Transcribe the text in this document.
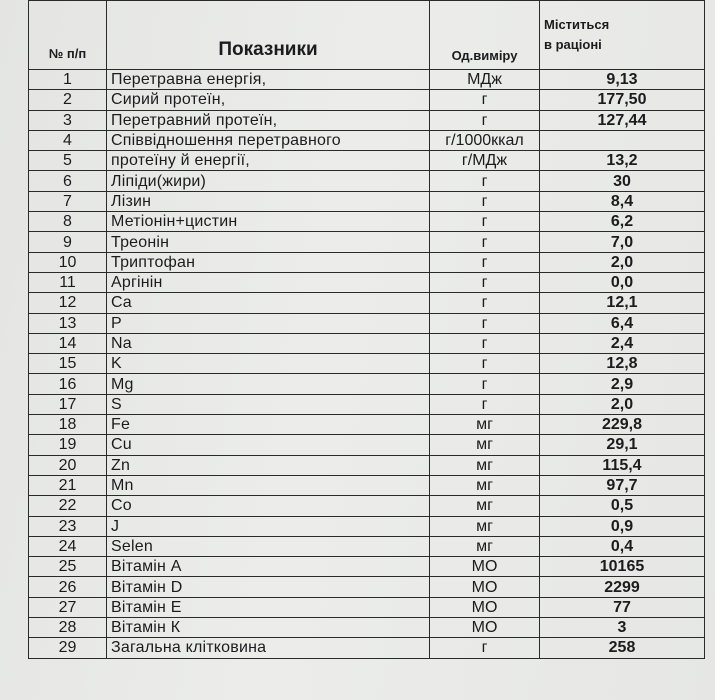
№ п/п	Показники	Од.виміру	Міститься
в раціоні

1	Перетравна енергія,	МДж	9,13
2	Сирий протеїн,	г	177,50
3	Перетравний протеїн,	г	127,44
4	Співвідношення перетравного	г/1000ккал	
5	протеїну й енергії,	г/МДж	13,2
6	Ліпіди(жири)	г	30
7	Лізин	г	8,4
8	Метіонін+цистин	г	6,2
9	Треонін	г	7,0
10	Триптофан	г	2,0
11	Аргінін	г	0,0
12	Ca	г	12,1
13	P	г	6,4
14	Na	г	2,4
15	K	г	12,8
16	Mg	г	2,9
17	S	г	2,0
18	Fe	мг	229,8
19	Cu	мг	29,1
20	Zn	мг	115,4
21	Mn	мг	97,7
22	Co	мг	0,5
23	J	мг	0,9
24	Selen	мг	0,4
25	Вітамін А	МО	10165
26	Вітамін D	МО	2299
27	Вітамін Е	МО	77
28	Вітамін К	МО	3
29	Загальна клітковина	г	258
